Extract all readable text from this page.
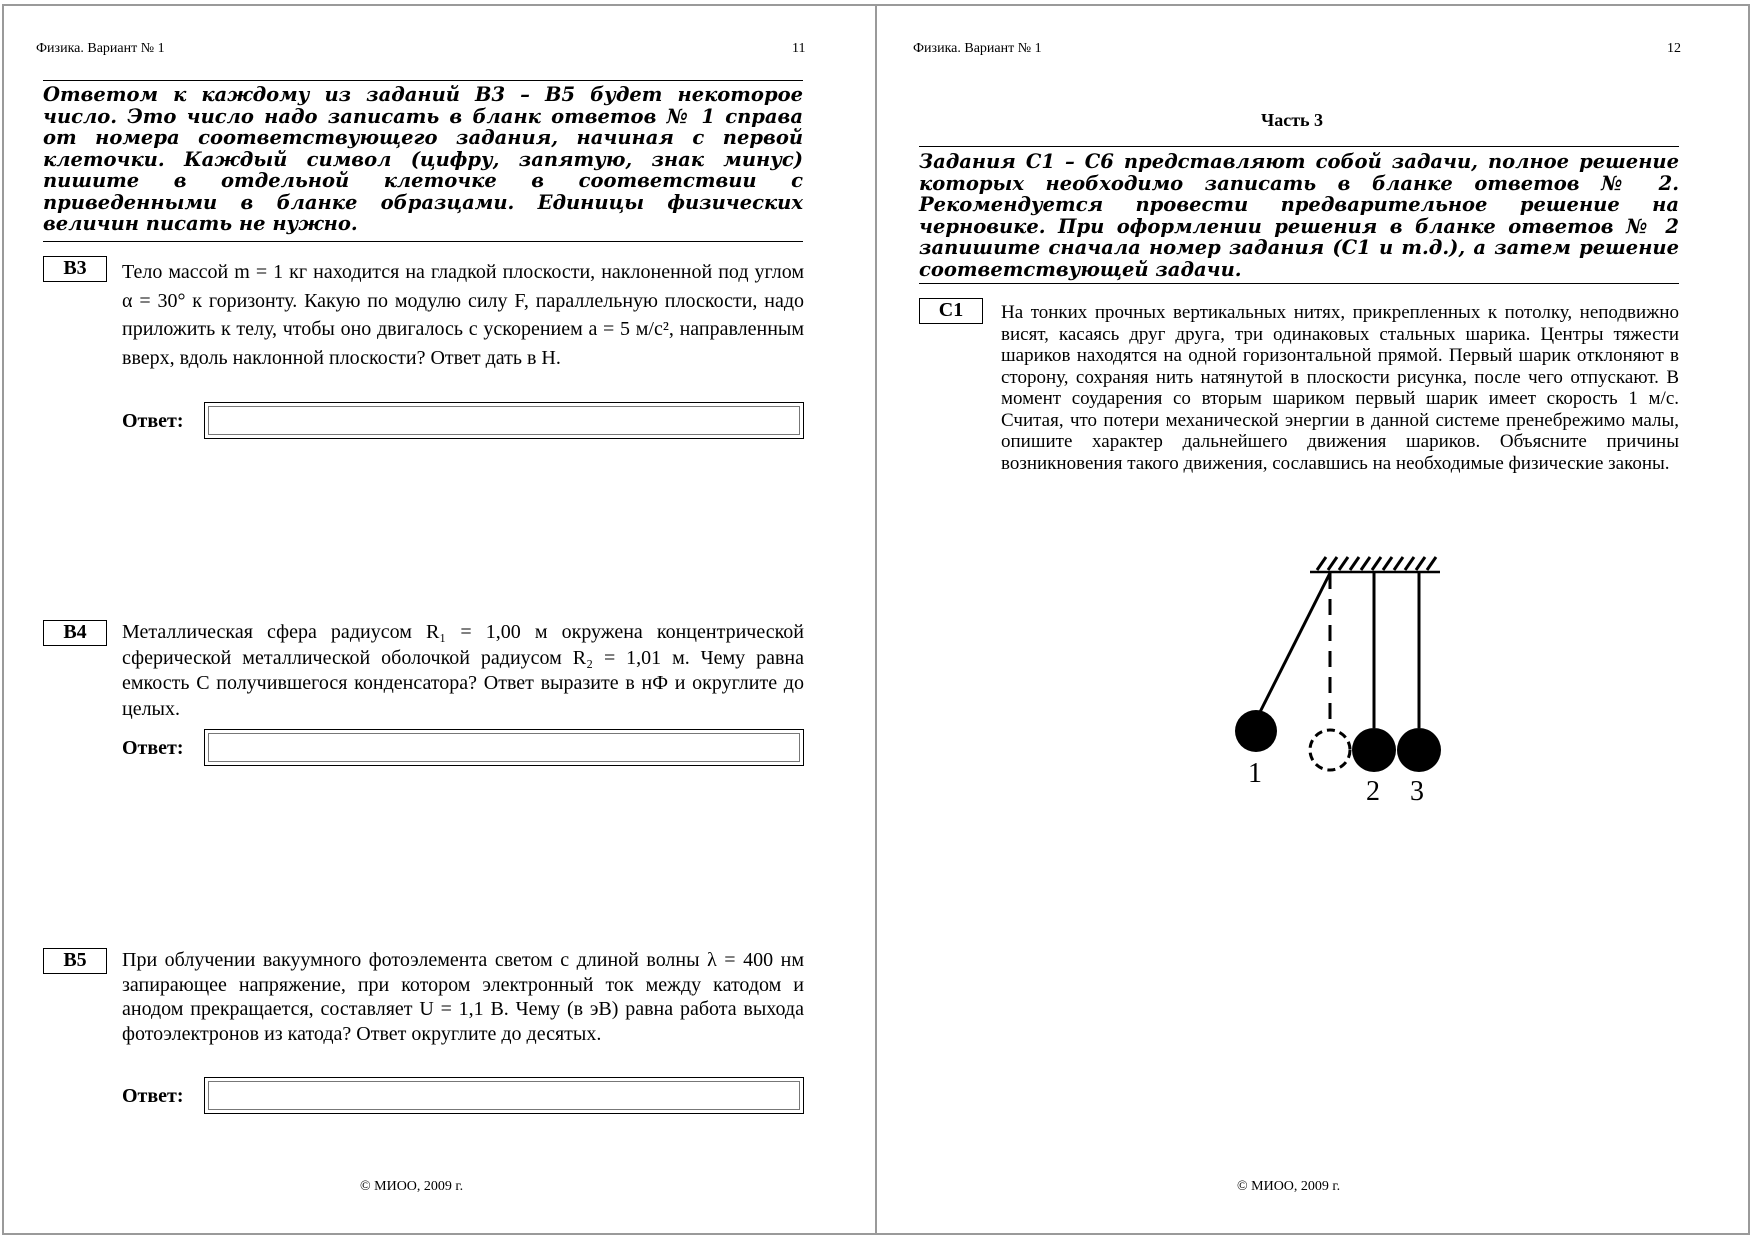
Физика. Вариант № 1	11
Ответом к каждому из заданий В3 – В5 будет некоторое число. Это число надо записать в бланк ответов № 1 справа от номера соответствующего задания, начиная с первой клеточки. Каждый символ (цифру, запятую, знак минус) пишите в отдельной клеточке в соответствии с приведенными в бланке образцами. Единицы физических величин писать не нужно.
В3	Тело массой m = 1 кг находится на гладкой плоскости, наклоненной под углом α = 30° к горизонту. Какую по модулю силу F, параллельную плоскости, надо приложить к телу, чтобы оно двигалось с ускорением a = 5 м/с², направленным вверх, вдоль наклонной плоскости? Ответ дать в Н.
Ответ:
В4	Металлическая сфера радиусом R₁ = 1,00 м окружена концентрической сферической металлической оболочкой радиусом R₂ = 1,01 м. Чему равна емкость С получившегося конденсатора? Ответ выразите в нФ и округлите до целых.
Ответ:
В5	При облучении вакуумного фотоэлемента светом с длиной волны λ = 400 нм запирающее напряжение, при котором электронный ток между катодом и анодом прекращается, составляет U = 1,1 В. Чему (в эВ) равна работа выхода фотоэлектронов из катода? Ответ округлите до десятых.
Ответ:
© МИОО, 2009 г.
Физика. Вариант № 1	12
Часть 3
Задания С1 – С6 представляют собой задачи, полное решение которых необходимо записать в бланке ответов № 2. Рекомендуется провести предварительное решение на черновике. При оформлении решения в бланке ответов № 2 запишите сначала номер задания (С1 и т.д.), а затем решение соответствующей задачи.
С1	На тонких прочных вертикальных нитях, прикрепленных к потолку, неподвижно висят, касаясь друг друга, три одинаковых стальных шарика. Центры тяжести шариков находятся на одной горизонтальной прямой. Первый шарик отклоняют в сторону, сохраняя нить натянутой в плоскости рисунка, после чего отпускают. В момент соударения со вторым шариком первый шарик имеет скорость 1 м/с. Считая, что потери механической энергии в данной системе пренебрежимо малы, опишите характер дальнейшего движения шариков. Объясните причины возникновения такого движения, сославшись на необходимые физические законы.
1
2 3
© МИОО, 2009 г.
